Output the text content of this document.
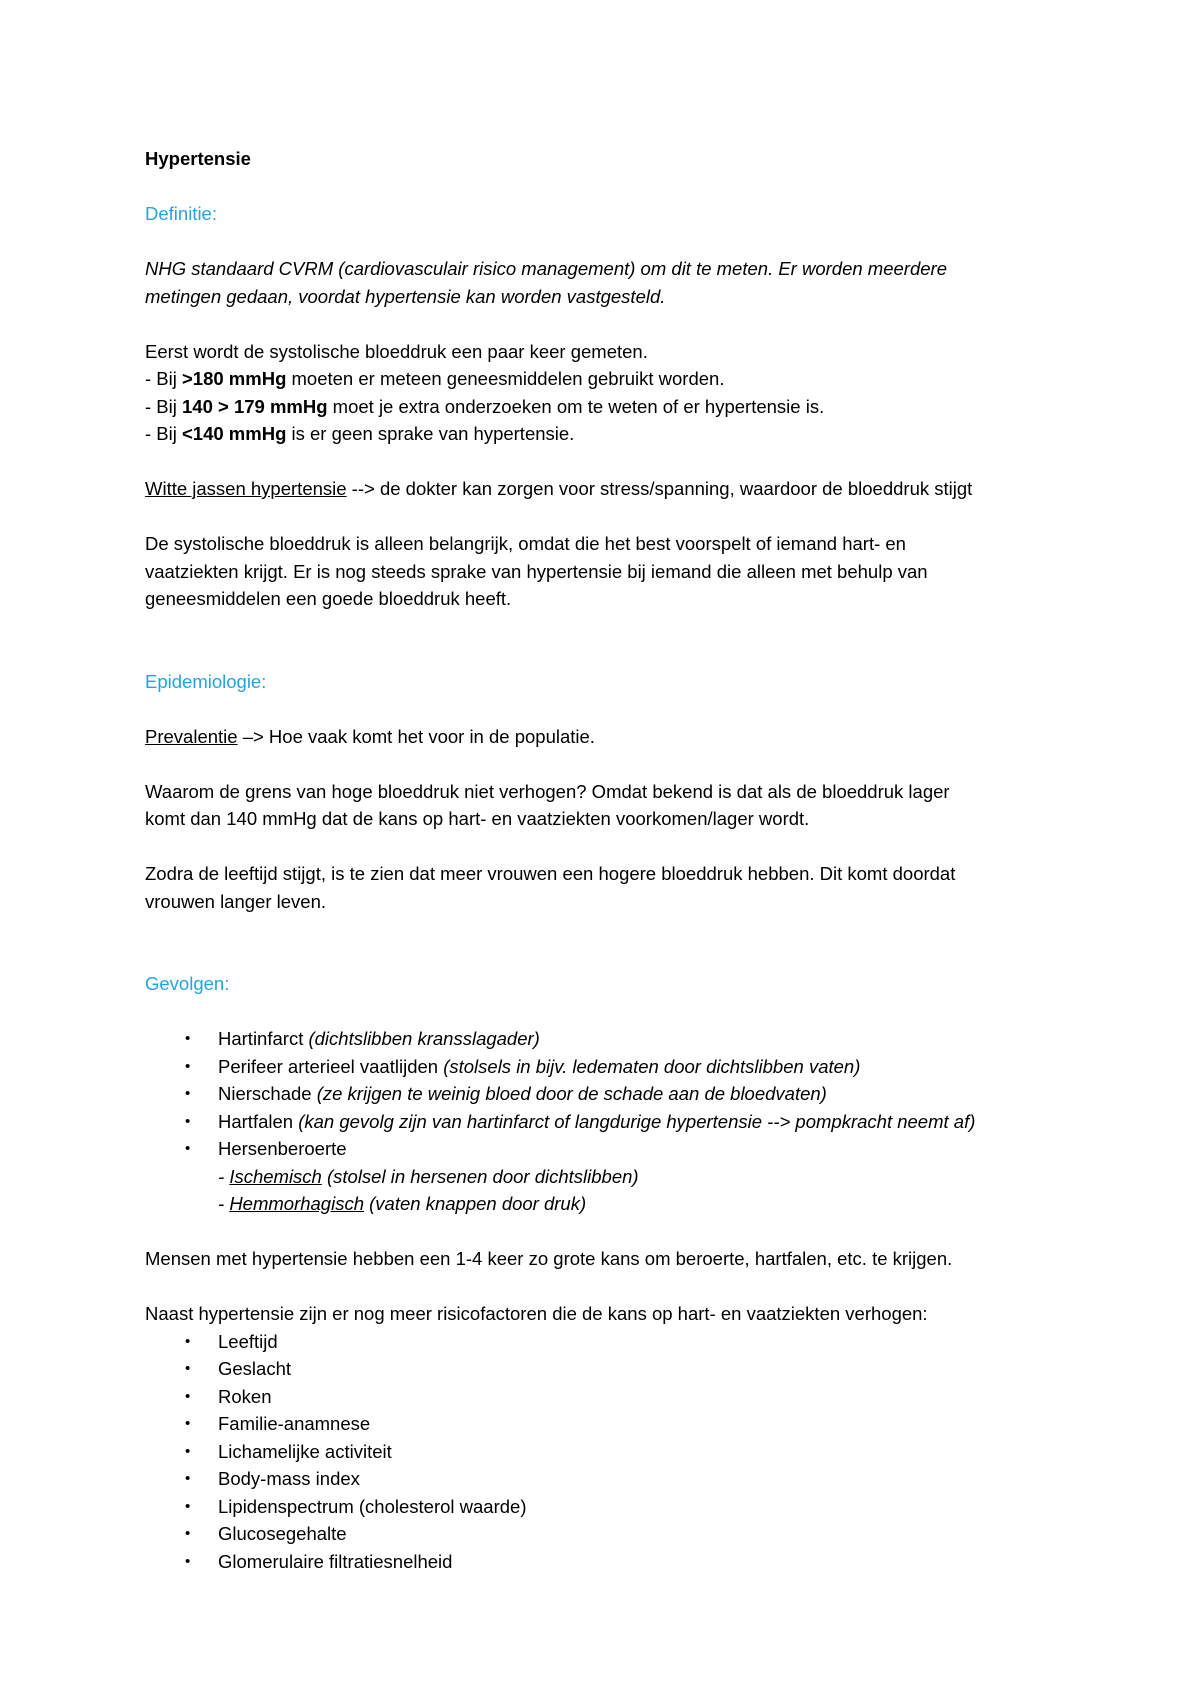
Hypertensie

Definitie:

NHG standaard CVRM (cardiovasculair risico management) om dit te meten. Er worden meerdere

metingen gedaan, voordat hypertensie kan worden vastgesteld.

Eerst wordt de systolische bloeddruk een paar keer gemeten.

- Bij >180 mmHg moeten er meteen geneesmiddelen gebruikt worden.

- Bij 140 > 179 mmHg moet je extra onderzoeken om te weten of er hypertensie is.

- Bij <140 mmHg is er geen sprake van hypertensie.

Witte jassen hypertensie --> de dokter kan zorgen voor stress/spanning, waardoor de bloeddruk stijgt

De systolische bloeddruk is alleen belangrijk, omdat die het best voorspelt of iemand hart- en

vaatziekten krijgt. Er is nog steeds sprake van hypertensie bij iemand die alleen met behulp van

geneesmiddelen een goede bloeddruk heeft.

Epidemiologie:

Prevalentie –> Hoe vaak komt het voor in de populatie.

Waarom de grens van hoge bloeddruk niet verhogen? Omdat bekend is dat als de bloeddruk lager

komt dan 140 mmHg dat de kans op hart- en vaatziekten voorkomen/lager wordt.

Zodra de leeftijd stijgt, is te zien dat meer vrouwen een hogere bloeddruk hebben. Dit komt doordat

vrouwen langer leven.

Gevolgen:

• Hartinfarct (dichtslibben kransslagader)
• Perifeer arterieel vaatlijden (stolsels in bijv. ledematen door dichtslibben vaten)
• Nierschade (ze krijgen te weinig bloed door de schade aan de bloedvaten)
• Hartfalen (kan gevolg zijn van hartinfarct of langdurige hypertensie --> pompkracht neemt af)
• Hersenberoerte
- Ischemisch (stolsel in hersenen door dichtslibben)
- Hemmorhagisch (vaten knappen door druk)

Mensen met hypertensie hebben een 1-4 keer zo grote kans om beroerte, hartfalen, etc. te krijgen.

Naast hypertensie zijn er nog meer risicofactoren die de kans op hart- en vaatziekten verhogen:

• Leeftijd
• Geslacht
• Roken
• Familie-anamnese
• Lichamelijke activiteit
• Body-mass index
• Lipidenspectrum (cholesterol waarde)
• Glucosegehalte
• Glomerulaire filtratiesnelheid
